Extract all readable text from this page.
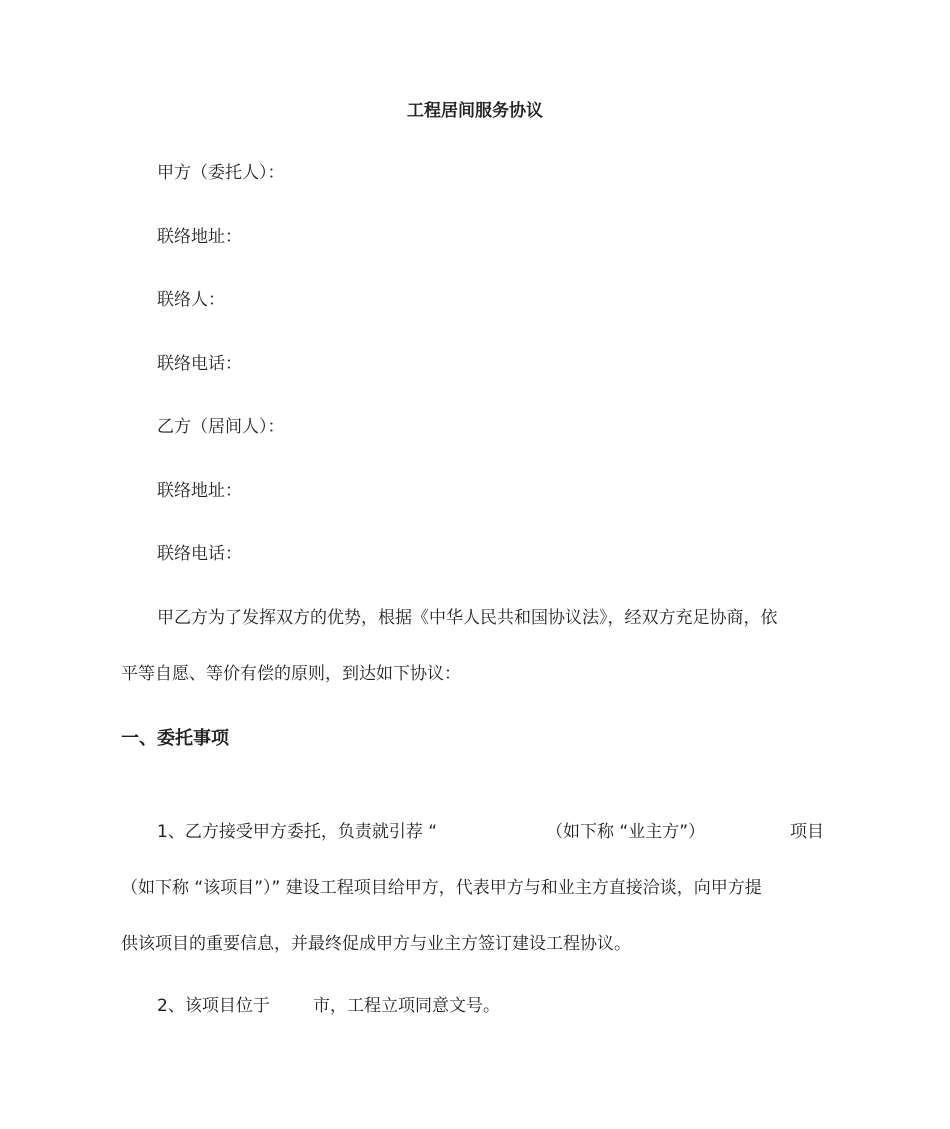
工程居间服务协议
甲方（委托人）：
联络地址：
联络人：
联络电话：
乙方（居间人）：
联络地址：
联络电话：
甲乙方为了发挥双方的优势，根据《中华人民共和国协议法》，经双方充足协商，依
平等自愿、等价有偿的原则，到达如下协议：
一、委托事项
1、乙方接受甲方委托，负责就引荐 “	（如下称 “业主方”）	项目
（如下称 “该项目”）” 建设工程项目给甲方，代表甲方与和业主方直接洽谈，向甲方提
供该项目的重要信息，并最终促成甲方与业主方签订建设工程协议。
2、该项目位于	市，工程立项同意文号。
